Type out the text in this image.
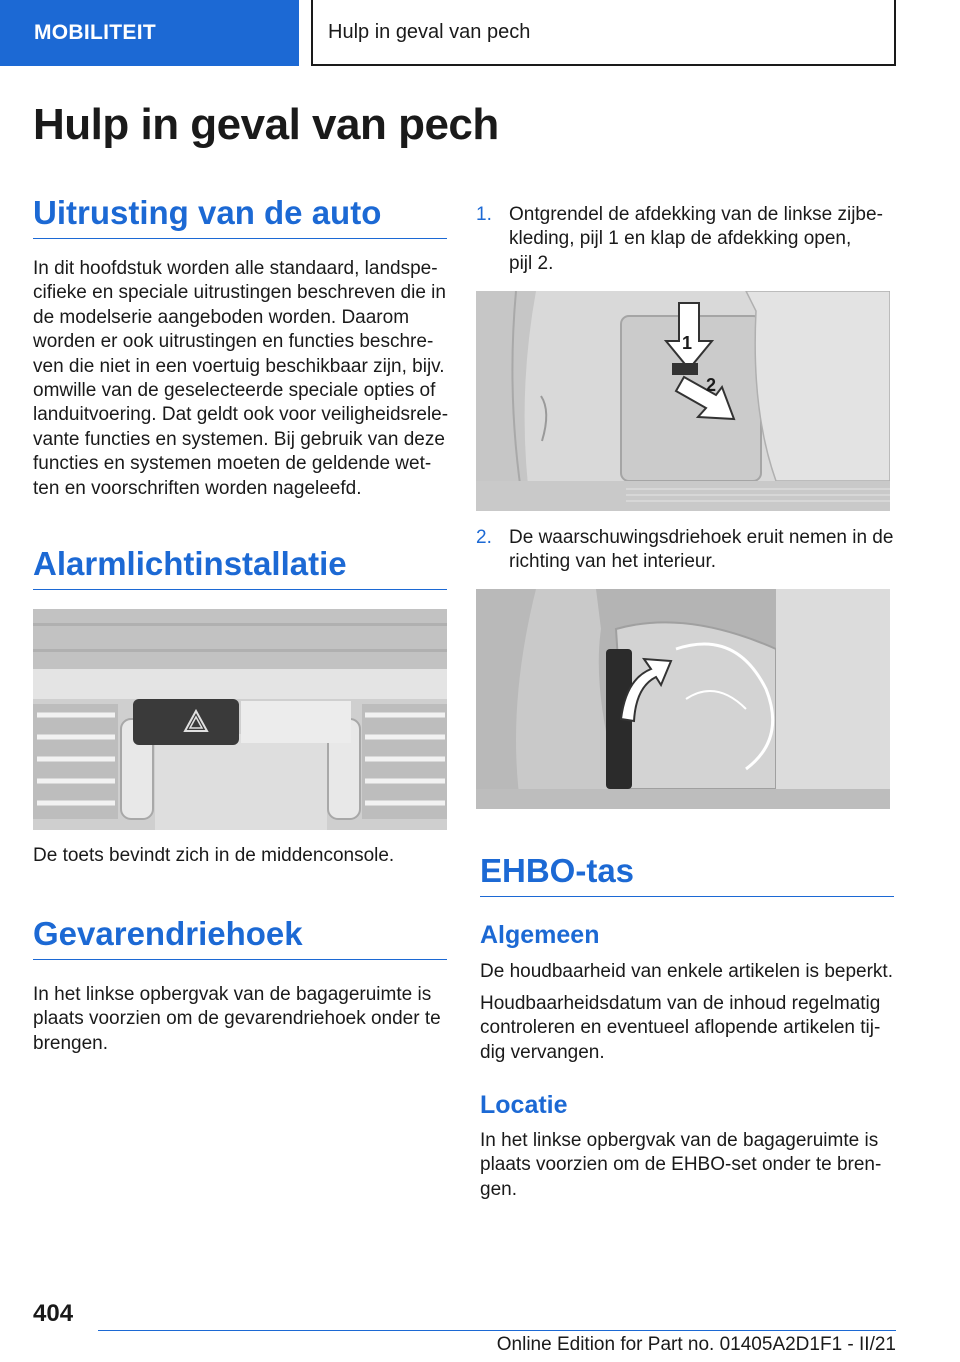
MOBILITEIT	Hulp in geval van pech
Hulp in geval van pech
Uitrusting van de auto
In dit hoofdstuk worden alle standaard, landspe-
cifieke en speciale uitrustingen beschreven die in
de modelserie aangeboden worden. Daarom
worden er ook uitrustingen en functies beschre-
ven die niet in een voertuig beschikbaar zijn, bijv.
omwille van de geselecteerde speciale opties of
landuitvoering. Dat geldt ook voor veiligheidsrele-
vante functies en systemen. Bij gebruik van deze
functies en systemen moeten de geldende wet-
ten en voorschriften worden nageleefd.
Alarmlichtinstallatie
De toets bevindt zich in de middenconsole.
Gevarendriehoek
In het linkse opbergvak van de bagageruimte is
plaats voorzien om de gevarendriehoek onder te
brengen.
1. Ontgrendel de afdekking van de linkse zijbe-
kleding, pijl 1 en klap de afdekking open,
pijl 2.
1
2
2. De waarschuwingsdriehoek eruit nemen in de
richting van het interieur.
EHBO-tas
Algemeen
De houdbaarheid van enkele artikelen is beperkt.
Houdbaarheidsdatum van de inhoud regelmatig
controleren en eventueel aflopende artikelen tij-
dig vervangen.
Locatie
In het linkse opbergvak van de bagageruimte is
plaats voorzien om de EHBO-set onder te bren-
gen.
404
Online Edition for Part no. 01405A2D1F1 - II/21
